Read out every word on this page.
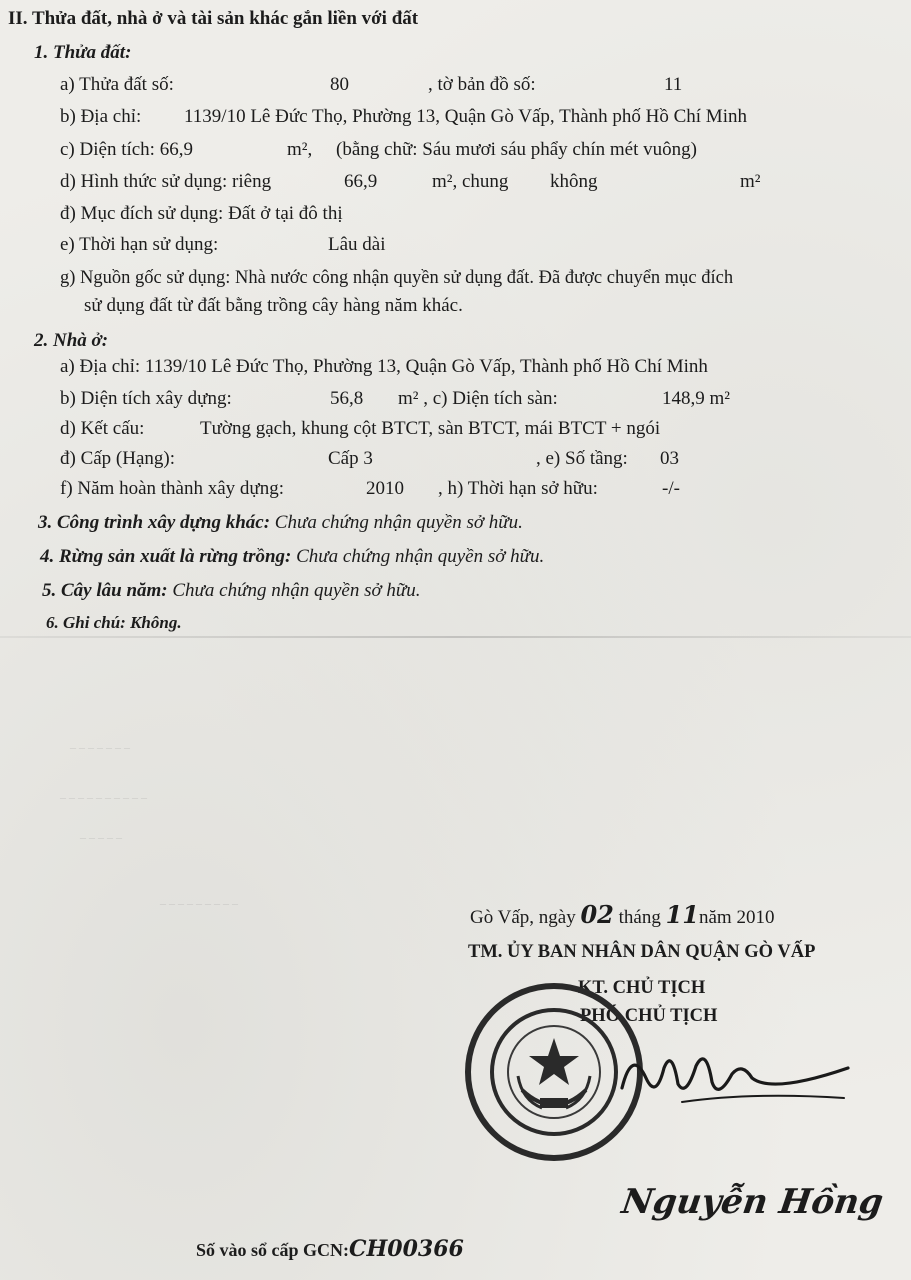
II. Thửa đất, nhà ở và tài sản khác gắn liền với đất
1. Thửa đất:
a) Thửa đất số:	80	, tờ bản đồ số:	11
b) Địa chỉ: 1139/10 Lê Đức Thọ, Phường 13, Quận Gò Vấp, Thành phố Hồ Chí Minh
c) Diện tích: 66,9	m², (bằng chữ: Sáu mươi sáu phẩy chín mét vuông)
d) Hình thức sử dụng: riêng	66,9	m², chung không	m²
đ) Mục đích sử dụng: Đất ở tại đô thị
e) Thời hạn sử dụng:	Lâu dài
g) Nguồn gốc sử dụng: Nhà nước công nhận quyền sử dụng đất. Đã được chuyển mục đích
sử dụng đất từ đất bằng trồng cây hàng năm khác.
2. Nhà ở:
a) Địa chỉ: 1139/10 Lê Đức Thọ, Phường 13, Quận Gò Vấp, Thành phố Hồ Chí Minh
b) Diện tích xây dựng:	56,8 m² , c) Diện tích sàn:	148,9 m²
d) Kết cấu:	Tường gạch, khung cột BTCT, sàn BTCT, mái BTCT + ngói
đ) Cấp (Hạng):	Cấp 3	, e) Số tầng: 03
f) Năm hoàn thành xây dựng:	2010 , h) Thời hạn sở hữu:	-/-
3. Công trình xây dựng khác: Chưa chứng nhận quyền sở hữu.
4. Rừng sản xuất là rừng trồng: Chưa chứng nhận quyền sở hữu.
5. Cây lâu năm: Chưa chứng nhận quyền sở hữu.
6. Ghi chú: Không.
‒ ‒ ‒ ‒ ‒ ‒ ‒
‒ ‒ ‒ ‒ ‒ ‒ ‒ ‒ ‒ ‒
‒ ‒ ‒ ‒ ‒
‒ ‒ ‒ ‒ ‒ ‒ ‒ ‒ ‒
Gò Vấp, ngày 02 tháng 11năm 2010
TM. ỦY BAN NHÂN DÂN QUẬN GÒ VẤP
KT. CHỦ TỊCH
PHÓ CHỦ TỊCH
Nguyễn Hồng
Số vào sổ cấp GCN:CH00366
